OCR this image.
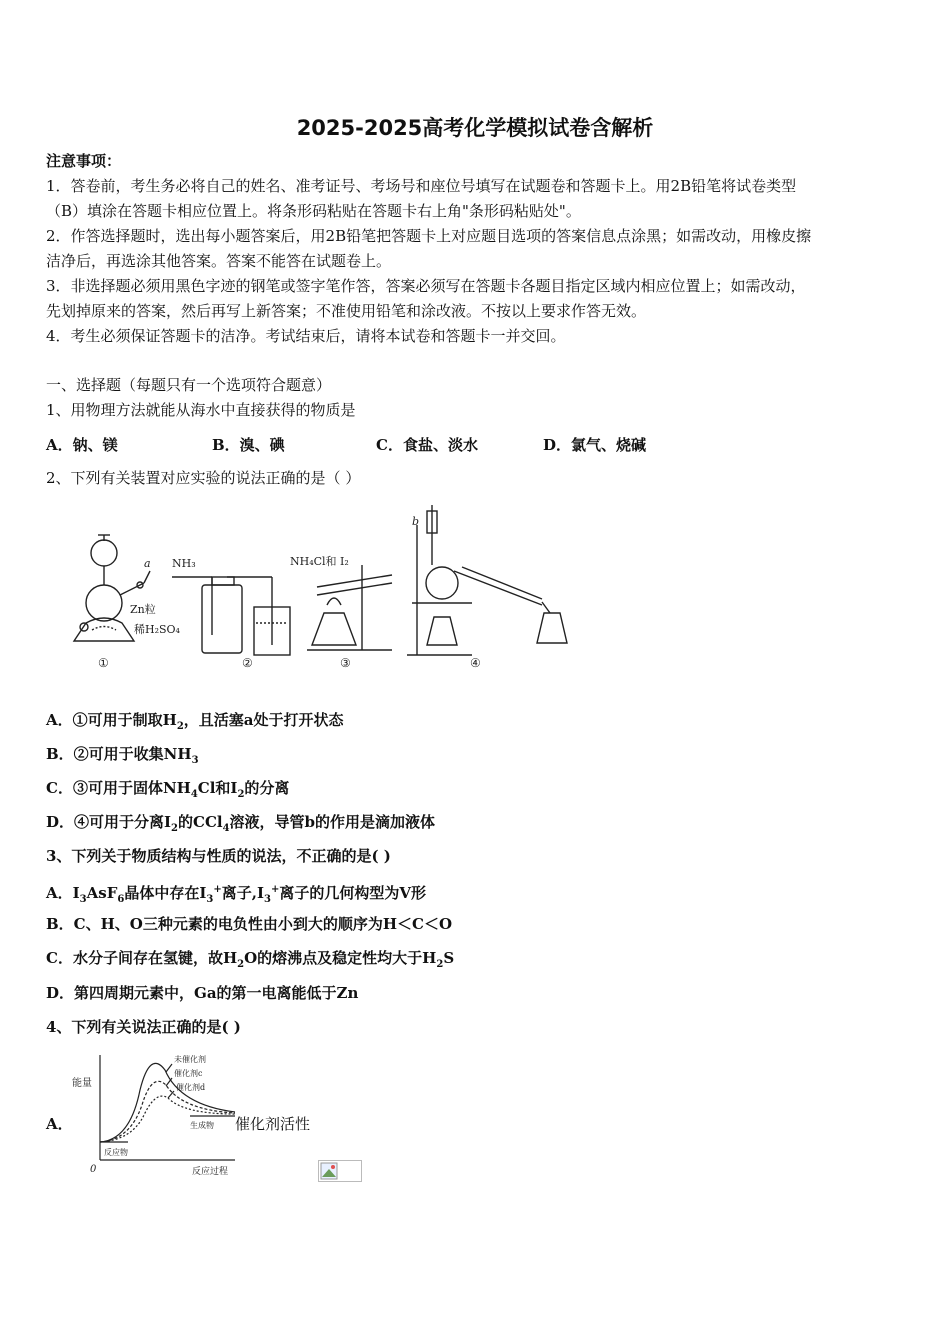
2025-2025高考化学模拟试卷含解析
注意事项：
1．答卷前，考生务必将自己的姓名、准考证号、考场号和座位号填写在试题卷和答题卡上。用2B铅笔将试卷类型
（B）填涂在答题卡相应位置上。将条形码粘贴在答题卡右上角"条形码粘贴处"。
2．作答选择题时，选出每小题答案后，用2B铅笔把答题卡上对应题目选项的答案信息点涂黑；如需改动，用橡皮擦
洁净后，再选涂其他答案。答案不能答在试题卷上。
3．非选择题必须用黑色字迹的钢笔或签字笔作答，答案必须写在答题卡各题目指定区域内相应位置上；如需改动，
先划掉原来的答案，然后再写上新答案；不准使用铅笔和涂改液。不按以上要求作答无效。
4．考生必须保证答题卡的洁净。考试结束后，请将本试卷和答题卡一并交回。
一、选择题（每题只有一个选项符合题意）
1、用物理方法就能从海水中直接获得的物质是
A．钠、镁	B．溴、碘	C．食盐、淡水	D．氯气、烧碱
2、下列有关装置对应实验的说法正确的是（ ）
a
Zn粒
稀H₂SO₄
①
NH₃
②
NH₄Cl和 I₂
③
b
④
A．①可用于制取$H_2$，且活塞a处于打开状态
B．②可用于收集$NH_3$
C．③可用于固体$NH_4Cl$和$I_2$的分离
D．④可用于分离$I_2$的CCl$_4$溶液，导管b的作用是滴加液体
3、下列关于物质结构与性质的说法，不正确的是( )
A．$I_3AsF_6$晶体中存在$I_3^+$离子$,I_3^+$离子的几何构型为V形
B．C、H、O三种元素的电负性由小到大的顺序为H＜C＜O
C．水分子间存在氢键，故$H_2O$的熔沸点及稳定性均大于$H_2S$
D．第四周期元素中，Ga的第一电离能低于Zn
4、下列有关说法正确的是( )
未催化剂
催化剂c
催化剂d
能量
生成物
反应物
0	反应过程
A．	催化剂活性
